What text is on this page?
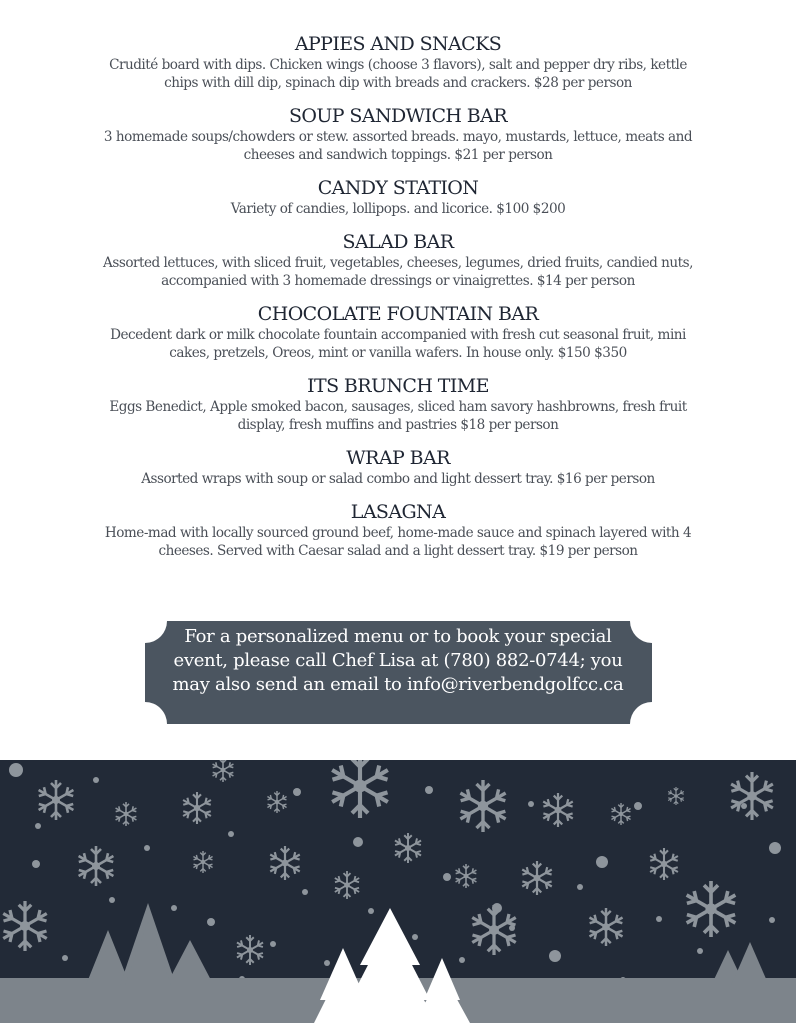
APPIES AND SNACKS

Crudité board with dips. Chicken wings (choose 3 flavors), salt and pepper dry ribs, kettle chips with dill dip, spinach dip with breads and crackers. $28 per person

SOUP SANDWICH BAR

3 homemade soups/chowders or stew. assorted breads. mayo, mustards, lettuce, meats and cheeses and sandwich toppings. $21 per person

CANDY STATION

Variety of candies, lollipops. and licorice. $100 $200

SALAD BAR

Assorted lettuces, with sliced fruit, vegetables, cheeses, legumes, dried fruits, candied nuts, accompanied with 3 homemade dressings or vinaigrettes. $14 per person

CHOCOLATE FOUNTAIN BAR

Decedent dark or milk chocolate fountain accompanied with fresh cut seasonal fruit, mini cakes, pretzels, Oreos, mint or vanilla wafers. In house only. $150 $350

ITS BRUNCH TIME

Eggs Benedict, Apple smoked bacon, sausages, sliced ham savory hashbrowns, fresh fruit display, fresh muffins and pastries $18 per person

WRAP BAR

Assorted wraps with soup or salad combo and light dessert tray. $16 per person

LASAGNA

Home-mad with locally sourced ground beef, home-made sauce and spinach layered with 4 cheeses. Served with Caesar salad and a light dessert tray. $19 per person

For a personalized menu or to book your special event, please call Chef Lisa at (780) 882-0744; you may also send an email to info@riverbendgolfcc.ca
